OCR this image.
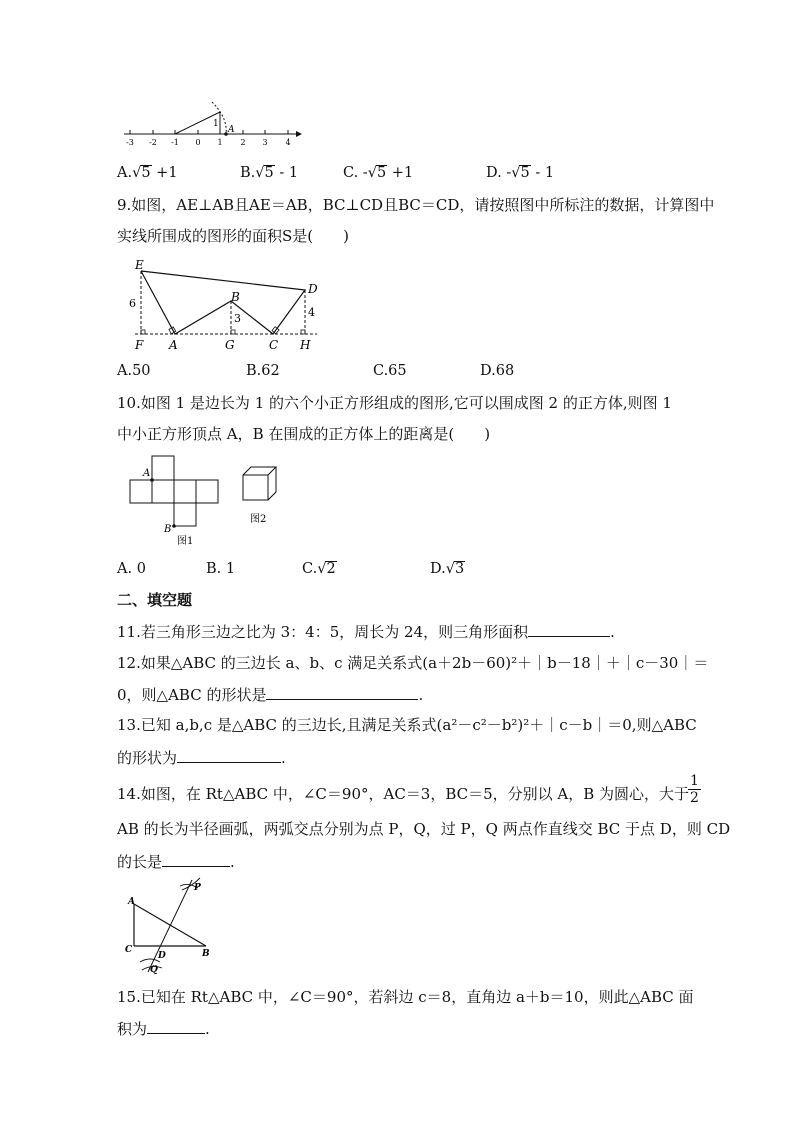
1
A
-3 -2 -1 0 1 2 3 4
A.√5 +1	B.√5 - 1	C. -√5 +1	D. -√5 - 1
9.如图，AE⊥AB且AE＝AB，BC⊥CD且BC＝CD，请按照图中所标注的数据，计算图中
实线所围成的图形的面积S是(　　)
E
D
B
F A	G	C H
6
3	4
A.50	B.62	C.65	D.68
10.如图 1 是边长为 1 的六个小正方形组成的图形,它可以围成图 2 的正方体,则图 1
中小正方形顶点 A，B 在围成的正方体上的距离是(　　)
A
B
图1
图2
A. 0	B. 1	C.√2	D.√3
二、填空题
11.若三角形三边之比为 3：4：5，周长为 24，则三角形面积	.
12.如果△ABC 的三边长 a、b、c 满足关系式(a＋2b－60)²＋｜b－18｜＋｜c－30｜＝
0，则△ABC 的形状是	.
13.已知 a,b,c 是△ABC 的三边长,且满足关系式(a²－c²－b²)²＋｜c－b｜＝0,则△ABC
的形状为	.
14.如图，在 Rt△ABC 中，∠C＝90°，AC＝3，BC＝5，分别以 A，B 为圆心，大于
$\frac{1}{2}$
AB 的长为半径画弧，两弧交点分别为点 P，Q，过 P，Q 两点作直线交 BC 于点 D，则 CD
的长是	.
A
C
D	B
P
Q
15.已知在 Rt△ABC 中，∠C＝90°，若斜边 c＝8，直角边 a＋b＝10，则此△ABC 面
积为	.
